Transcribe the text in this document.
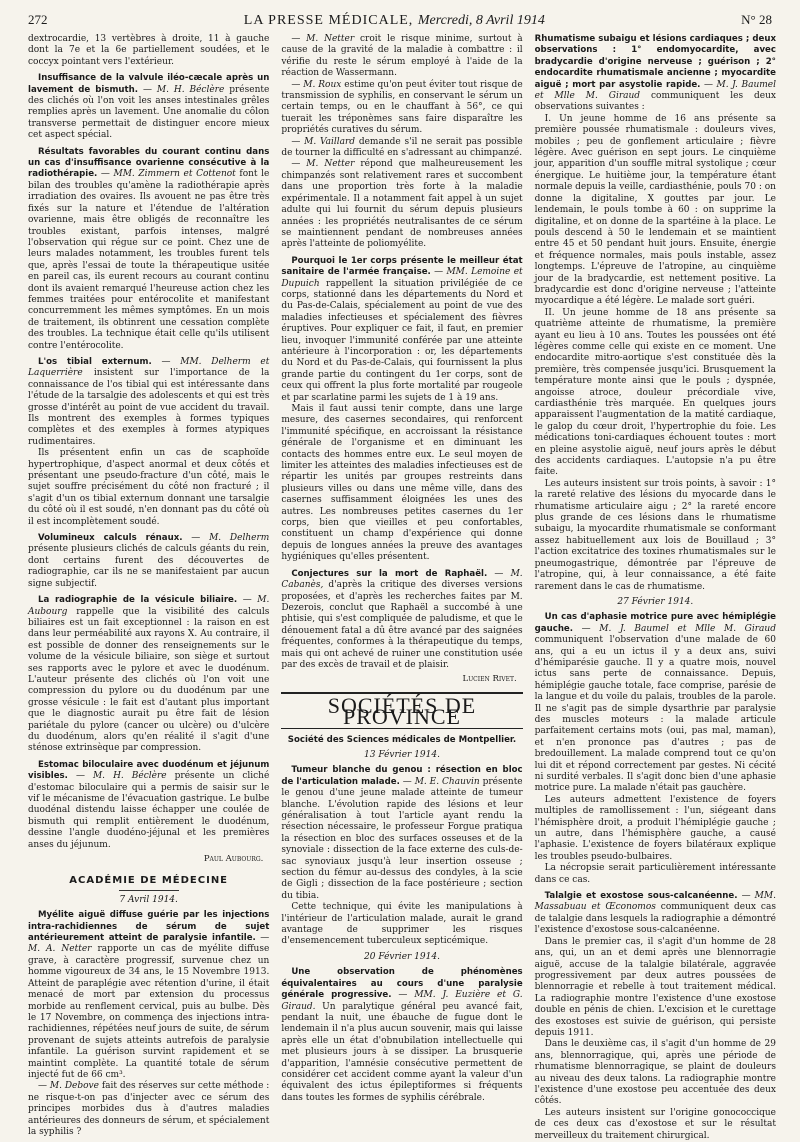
272	LA PRESSE MÉDICALE, Mercredi, 8 Avril 1914	N° 28

dextrocardie, 13 vertèbres à droite, 11 à gauche dont la 7e et la 6e partiellement soudées, et le coccyx pointant vers l'extérieur.

Insuffisance de la valvule iléo-cæcale après un lavement de bismuth. — M. H. Béclère présente des clichés où l'on voit les anses intestinales grêles remplies après un lavement. Une anomalie du côlon transverse permettait de distinguer encore mieux cet aspect spécial.

Résultats favorables du courant continu dans un cas d'insuffisance ovarienne consécutive à la radiothérapie. — MM. Zimmern et Cottenot font le bilan des troubles qu'amène la radiothérapie après irradiation des ovaires. Ils avouent ne pas être très fixés sur la nature et l'étendue de l'altération ovarienne, mais être obligés de reconnaître les troubles existant, parfois intenses, malgré l'observation qui régue sur ce point. Chez une de leurs malades notamment, les troubles furent tels que, après l'essai de toute la thérapeutique usitée en pareil cas, ils eurent recours au courant continu dont ils avaient remarqué l'heureuse action chez les femmes traitées pour entérocolite et manifestant concurremment les mêmes symptômes. En un mois de traitement, ils obtinrent une cessation complète des troubles. La technique était celle qu'ils utilisent contre l'entérocolite.

L'os tibial externum. — MM. Delherm et Laquerrière insistent sur l'importance de la connaissance de l'os tibial qui est intéressante dans l'étude de la tarsalgie des adolescents et qui est très grosse d'intérêt au point de vue accident du travail. Ils montrent des exemples à formes typiques complètes et des exemples à formes atypiques rudimentaires.

Ils présentent enfin un cas de scaphoïde hypertrophique, d'aspect anormal et deux côtés et présentant une pseudo-fracture d'un côté, mais le sujet souffre précisément du côté non fracturé ; il s'agit d'un os tibial externum donnant une tarsalgie du côté où il est soudé, n'en donnant pas du côté où il est incomplètement soudé.

Volumineux calculs rénaux. — M. Delherm présente plusieurs clichés de calculs géants du rein, dont certains furent des découvertes de radiographie, car ils ne se manifestaient par aucun signe subjectif.

La radiographie de la vésicule biliaire. — M. Aubourg rappelle que la visibilité des calculs biliaires est un fait exceptionnel : la raison en est dans leur perméabilité aux rayons X. Au contraire, il est possible de donner des renseignements sur le volume de la vésicule biliaire, son siège et surtout ses rapports avec le pylore et avec le duodénum. L'auteur présente des clichés où l'on voit une compression du pylore ou du duodénum par une grosse vésicule : le fait est d'autant plus important que le diagnostic aurait pu être fait de lésion pariétale du pylore (cancer ou ulcère) ou d'ulcère du duodénum, alors qu'en réalité il s'agit d'une sténose extrinsèque par compression.

Estomac biloculaire avec duodénum et jéjunum visibles. — M. H. Béclère présente un cliché d'estomac biloculaire qui a permis de saisir sur le vif le mécanisme de l'évacuation gastrique. Le bulbe duodénal distendu laisse échapper une coulée de bismuth qui remplit entièrement le duodénum, dessine l'angle duodéno-jéjunal et les premières anses du jéjunum.

Paul Aubourg.
ACADÉMIE DE MÉDECINE
7 Avril 1914.

Myélite aiguë diffuse guérie par les injections intra-rachidiennes de sérum de sujet antérieurement atteint de paralysie infantile. — M. A. Netter rapporte un cas de myélite diffuse grave, à caractère progressif, survenue chez un homme vigoureux de 34 ans, le 15 Novembre 1913. Atteint de paraplégie avec rétention d'urine, il était menacé de mort par extension du processus morbide au renflement cervical, puis au bulbe. Dès le 17 Novembre, on commença des injections intra-rachidiennes, répétées neuf jours de suite, de sérum provenant de sujets atteints autrefois de paralysie infantile. La guérison survint rapidement et se maintint complète. La quantité totale de sérum injecté fut de 66 cm³.

— M. Debove fait des réserves sur cette méthode : ne risque-t-on pas d'injecter avec ce sérum des principes morbides dus à d'autres maladies antérieures des donneurs de sérum, et spécialement la syphilis ?

— M. Netter croit le risque minime, surtout à cause de la gravité de la maladie à combattre : il vérifie du reste le sérum employé à l'aide de la réaction de Wassermann.

— M. Roux estime qu'on peut éviter tout risque de transmission de syphilis, en conservant le sérum un certain temps, ou en le chauffant à 56°, ce qui tuerait les tréponèmes sans faire disparaître les propriétés curatives du sérum.

— M. Vaillard demande s'il ne serait pas possible de tourner la difficulté en s'adressant au chimpanzé.

— M. Netter répond que malheureusement les chimpanzés sont relativement rares et succombent dans une proportion très forte à la maladie expérimentale. Il a notamment fait appel à un sujet adulte qui lui fournit du sérum depuis plusieurs années : les propriétés neutralisantes de ce sérum se maintiennent pendant de nombreuses années après l'atteinte de poliomyélite.

Pourquoi le 1er corps présente le meilleur état sanitaire de l'armée française. — MM. Lemoine et Dupuich rappellent la situation privilégiée de ce corps, stationné dans les départements du Nord et du Pas-de-Calais, spécialement au point de vue des maladies infectieuses et spécialement des fièvres éruptives. Pour expliquer ce fait, il faut, en premier lieu, invoquer l'immunité conférée par une atteinte antérieure à l'incorporation : or, les départements du Nord et du Pas-de-Calais, qui fournissent la plus grande partie du contingent du 1er corps, sont de ceux qui offrent la plus forte mortalité par rougeole et par scarlatine parmi les sujets de 1 à 19 ans.

Mais il faut aussi tenir compte, dans une large mesure, des casernes secondaires, qui renforcent l'immunité spécifique, en accroissant la résistance générale de l'organisme et en diminuant les contacts des hommes entre eux. Le seul moyen de limiter les atteintes des maladies infectieuses est de répartir les unités par groupes restreints dans plusieurs villes ou dans une même ville, dans des casernes suffisamment éloignées les unes des autres. Les nombreuses petites casernes du 1er corps, bien que vieilles et peu confortables, constituent un champ d'expérience qui donne depuis de longues années la preuve des avantages hygiéniques qu'elles présentent.

Conjectures sur la mort de Raphaël. — M. Cabanès, d'après la critique des diverses versions proposées, et d'après les recherches faites par M. Dezerois, conclut que Raphaël a succombé à une phtisie, qui s'est compliquée de paludisme, et que le dénouement fatal a dû être avancé par des saignées fréquentes, conformes à la thérapeutique du temps, mais qui ont achevé de ruiner une constitution usée par des excès de travail et de plaisir.

Lucien Rivet.
SOCIÉTÉS DE PROVINCE
Société des Sciences médicales de Montpellier.
13 Février 1914.

Tumeur blanche du genou : résection en bloc de l'articulation malade. — M. E. Chauvin présente le genou d'une jeune malade atteinte de tumeur blanche. L'évolution rapide des lésions et leur généralisation à tout l'article ayant rendu la résection nécessaire, le professeur Forgue pratiqua la résection en bloc des surfaces osseuses et de la synoviale : dissection de la face externe des culs-de-sac synoviaux jusqu'à leur insertion osseuse ; section du fémur au-dessus des condyles, à la scie de Gigli ; dissection de la face postérieure ; section du tibia.

Cette technique, qui évite les manipulations à l'intérieur de l'articulation malade, aurait le grand avantage de supprimer les risques d'ensemencement tuberculeux septicémique.

20 Février 1914.

Une observation de phénomènes équivalentaires au cours d'une paralysie générale progressive. — MM. J. Euzière et G. Giraud. Un paralytique général peu avancé fait, pendant la nuit, une ébauche de fugue dont le lendemain il n'a plus aucun souvenir, mais qui laisse après elle un état d'obnubilation intellectuelle qui met plusieurs jours à se dissiper. La brusquerie d'apparition, l'amnésie consécutive permettent de considérer cet accident comme ayant la valeur d'un équivalent des ictus épileptiformes si fréquents dans toutes les formes de syphilis cérébrale.

Rhumatisme subaigu et lésions cardiaques ; deux observations : 1° endomyocardite, avec bradycardie d'origine nerveuse ; guérison ; 2° endocardite rhumatismale ancienne ; myocardite aiguë ; mort par asystolie rapide. — M. J. Baumel et Mlle M. Giraud communiquent les deux observations suivantes :

I. Un jeune homme de 16 ans présente sa première poussée rhumatismale : douleurs vives, mobiles ; peu de gonflement articulaire ; fièvre légère. Avec guérison en sept jours. Le cinquième jour, apparition d'un souffle mitral systolique ; cœur énergique. Le huitième jour, la température étant normale depuis la veille, cardiasthénie, pouls 70 : on donne la digitaline, X gouttes par jour. Le lendemain, le pouls tombe à 60 : on supprime la digitaline, et on donne de la spartéine à la place. Le pouls descend à 50 le lendemain et se maintient entre 45 et 50 pendant huit jours. Ensuite, énergie et fréquence normales, mais pouls instable, assez longtemps. L'épreuve de l'atropine, au cinquième jour de la bradycardie, est nettement positive. La bradycardie est donc d'origine nerveuse ; l'atteinte myocardique a été légère. Le malade sort guéri.

II. Un jeune homme de 18 ans présente sa quatrième atteinte de rhumatisme, la première ayant eu lieu à 10 ans. Toutes les poussées ont été légères comme celle qui existe en ce moment. Une endocardite mitro-aortique s'est constituée dès la première, très compensée jusqu'ici. Brusquement la température monte ainsi que le pouls ; dyspnée, angoisse atroce, douleur précordiale vive, cardiasthénie très marquée. En quelques jours apparaissent l'augmentation de la matité cardiaque, le galop du cœur droit, l'hypertrophie du foie. Les médications toni-cardiaques échouent toutes : mort en pleine asystolie aiguë, neuf jours après le début des accidents cardiaques. L'autopsie n'a pu être faite.

Les auteurs insistent sur trois points, à savoir : 1° la rareté relative des lésions du myocarde dans le rhumatisme articulaire aigu ; 2° la rareté encore plus grande de ces lésions dans le rhumatisme subaigu, la myocardite rhumatismale se conformant assez habituellement aux lois de Bouillaud ; 3° l'action excitatrice des toxines rhumatismales sur le pneumogastrique, démontrée par l'épreuve de l'atropine, qui, à leur connaissance, a été faite rarement dans le cas de rhumatisme.

27 Février 1914.

Un cas d'aphasie motrice pure avec hémiplégie gauche. — M. J. Baumel et Mlle M. Giraud communiquent l'observation d'une malade de 60 ans, qui a eu un ictus il y a deux ans, suivi d'hémiparésie gauche. Il y a quatre mois, nouvel ictus sans perte de connaissance. Depuis, hémiplégie gauche totale, face comprise, parésie de la langue et du voile du palais, troubles de la parole. Il ne s'agit pas de simple dysarthrie par paralysie des muscles moteurs : la malade articule parfaitement certains mots (oui, pas mal, maman), et n'en prononce pas d'autres ; pas de bredouillement. La malade comprend tout ce qu'on lui dit et répond correctement par gestes. Ni cécité ni surdité verbales. Il s'agit donc bien d'une aphasie motrice pure. La malade n'était pas gauchère.

Les auteurs admettent l'existence de foyers multiples de ramollissement : l'un, siégeant dans l'hémisphère droit, a produit l'hémiplégie gauche ; un autre, dans l'hémisphère gauche, a causé l'aphasie. L'existence de foyers bilatéraux explique les troubles pseudo-bulbaires.

La nécropsie serait particulièrement intéressante dans ce cas.

Talalgie et exostose sous-calcanéenne. — MM. Massabuau et Œconomos communiquent deux cas de talalgie dans lesquels la radiographie a démontré l'existence d'exostose sous-calcanéenne.

Dans le premier cas, il s'agit d'un homme de 28 ans, qui, un an et demi après une blennorragie aiguë, accuse de la talalgie bilatérale, aggravée progressivement par deux autres poussées de blennorragie et rebelle à tout traitement médical. La radiographie montre l'existence d'une exostose double en pénis de chien. L'excision et le curettage des exostoses est suivie de guérison, qui persiste depuis 1911.

Dans le deuxième cas, il s'agit d'un homme de 29 ans, blennorragique, qui, après une période de rhumatisme blennorragique, se plaint de douleurs au niveau des deux talons. La radiographie montre l'existence d'une exostose peu accentuée des deux côtés.

Les auteurs insistent sur l'origine gonococcique de ces deux cas d'exostose et sur le résultat merveilleux du traitement chirurgical.
